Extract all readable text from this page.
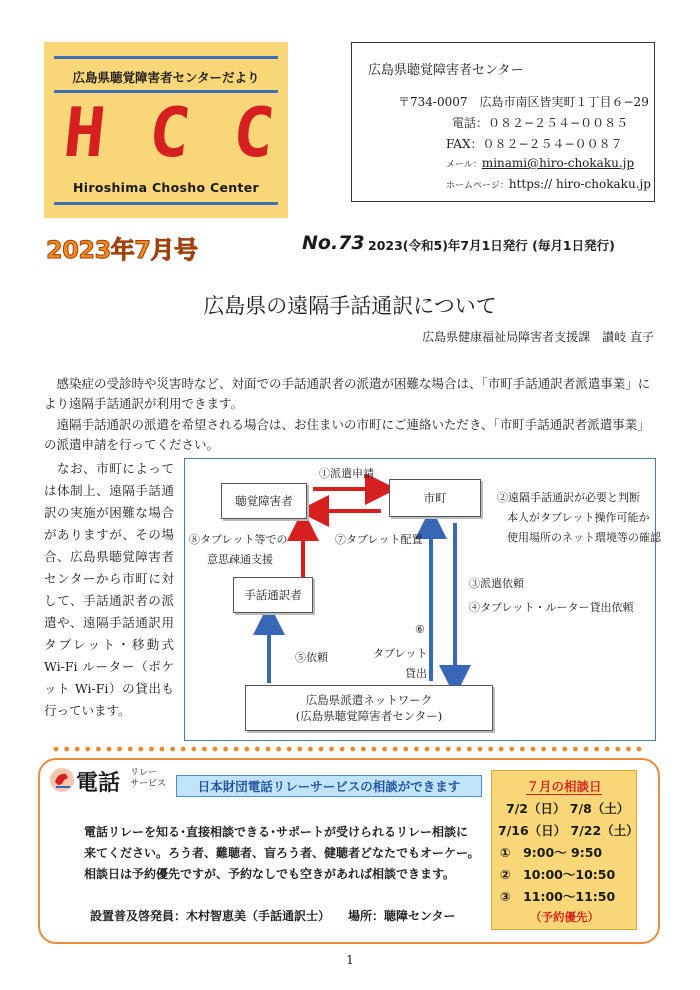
広島県聴覚障害者センターだより
H C C
Hiroshima Chosho Center
広島県聴覚障害者センター
〒734-0007　広島市南区皆実町１丁目６−29
電話：０８２−２５４−００８５
FAX：０８２−２５４−００８７
メール：minami@hiro-chokaku.jp
ホームページ：https:// hiro-chokaku.jp
2023年7月号	No.73 2023(令和5)年7月1日発行 (毎月1日発行)
広島県の遠隔手話通訳について
広島県健康福祉局障害者支援課　讃岐 直子
　感染症の受診時や災害時など、対面での手話通訳者の派遣が困難な場合は、「市町手話通訳者派遣事業」により遠隔手話通訳が利用できます。
　遠隔手話通訳の派遣を希望される場合は、お住まいの市町にご連絡いただき、「市町手話通訳者派遣事業」の派遣申請を行ってください。
　なお、市町によっては体制上、遠隔手話通訳の実施が困難な場合がありますが、その場合、広島県聴覚障害者センターから市町に対して、手話通訳者の派遣や、遠隔手話通訳用タブレット・移動式Wi-Fi ルーター（ポケット Wi-Fi）の貸出も行っています。
聴覚障害者	市町
手話通訳者
広島県派遣ネットワーク
(広島県聴覚障害者センター)
①派遣申請
②遠隔手話通訳が必要と判断
本人がタブレット操作可能か
使用場所のネット環境等の確認
③派遣依頼
④タブレット・ルーター貸出依頼
⑤依頼
⑥
タブレット
貸出
⑦タブレット配置
⑧タブレット等での
意思疎通支援
電話 リレー
サービス	日本財団電話リレーサービスの相談ができます
電話リレーを知る･直接相談できる･サポートが受けられるリレー相談に
来てください。ろう者、難聴者、盲ろう者、健聴者どなたでもオーケー。
相談日は予約優先ですが、予約なしでも空きがあれば相談できます。
設置普及啓発員：木村智恵美（手話通訳士）　　場所：聴障センター
７月の相談日
7/2（日） 7/8（土）
7/16（日） 7/22（土）
①　9:00〜 9:50
②　10:00〜10:50
③　11:00〜11:50
（予約優先）
1
